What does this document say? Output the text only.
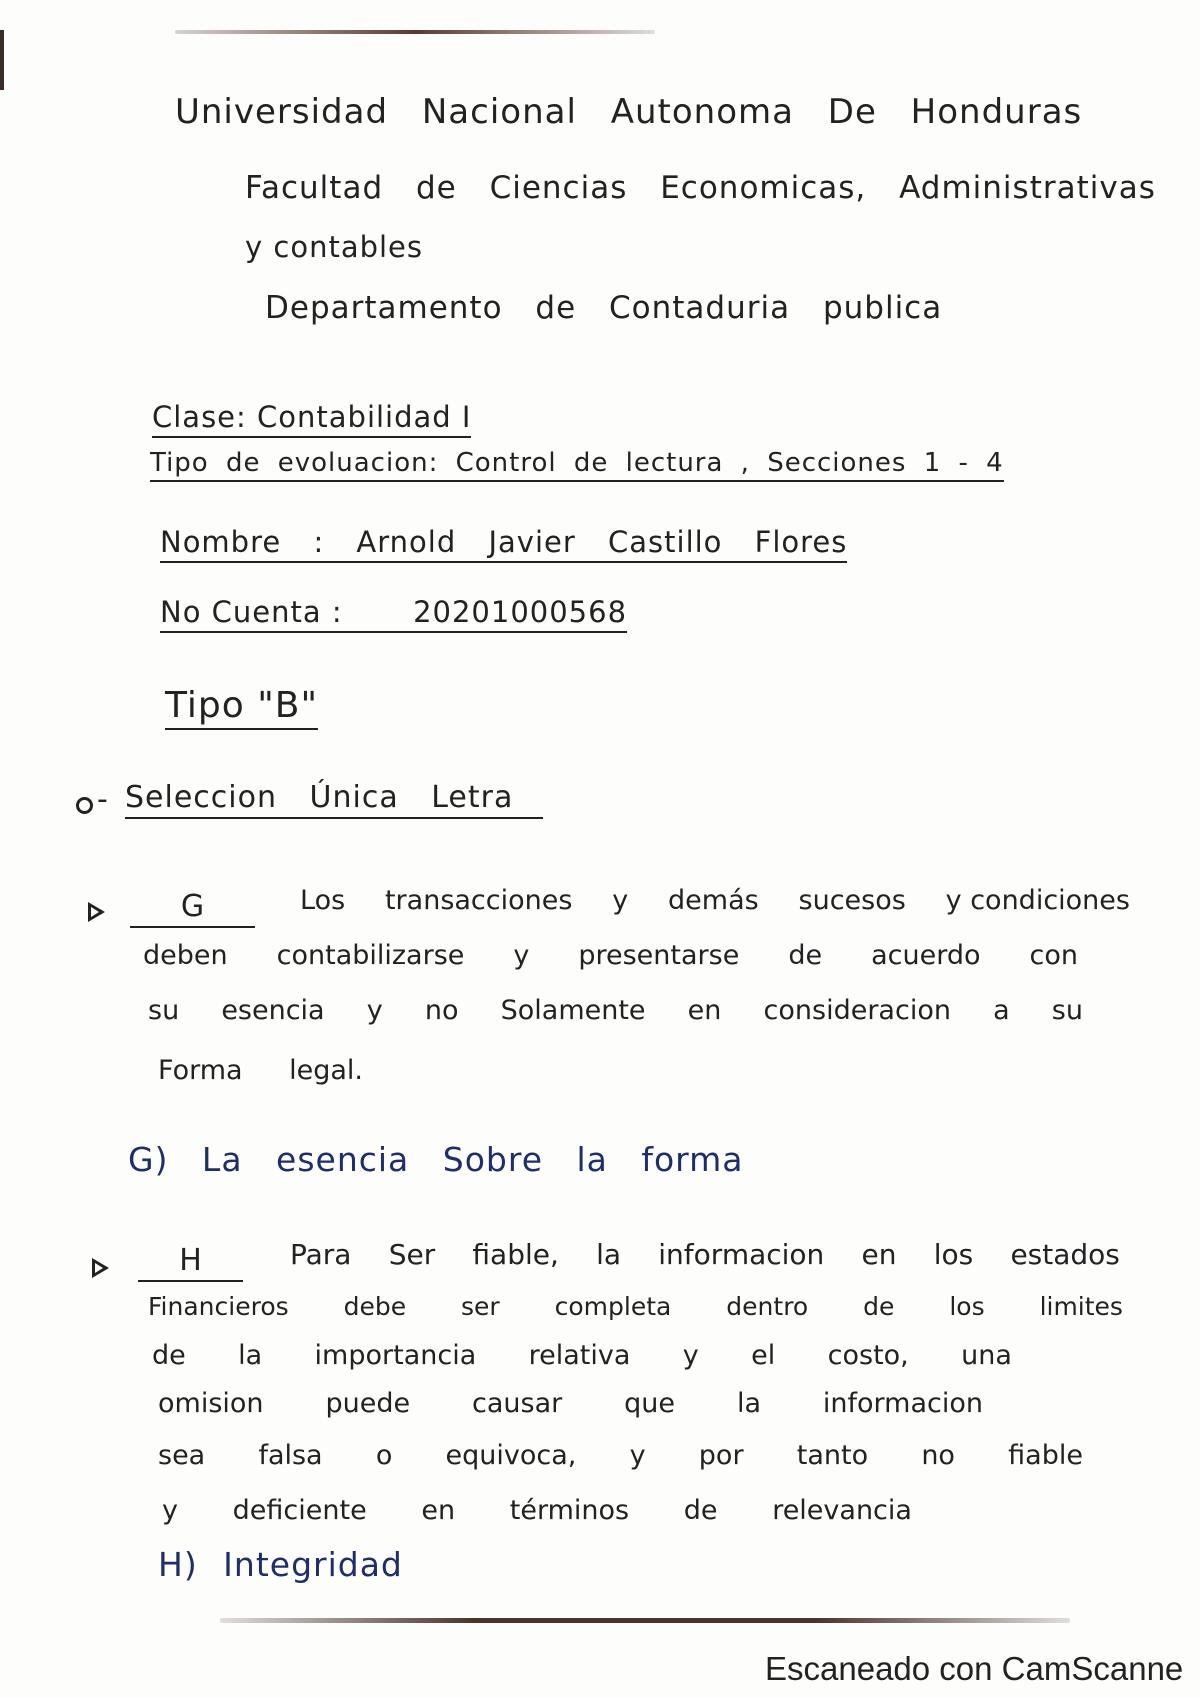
Universidad Nacional Autonoma De Honduras
Facultad de Ciencias Economicas, Administrativas
y contables
Departamento de Contaduria publica
Clase: Contabilidad I
Tipo de evoluacion: Control de lectura , Secciones 1 - 4
Nombre : Arnold Javier Castillo Flores
No Cuenta : 20201000568
Tipo "B"
- Seleccion Única Letra
G	Los transacciones y demás sucesos y condiciones
deben contabilizarse y presentarse de acuerdo con
su esencia y no Solamente en consideracion a su
Forma legal.
G) La esencia Sobre la forma
H	Para Ser fiable, la informacion en los estados
Financieros debe ser completa dentro de los limites
de la importancia relativa y el costo, una
omision puede causar que la informacion
sea falsa o equivoca, y por tanto no fiable
y deficiente en términos de relevancia
H) Integridad
Escaneado con CamScanne
